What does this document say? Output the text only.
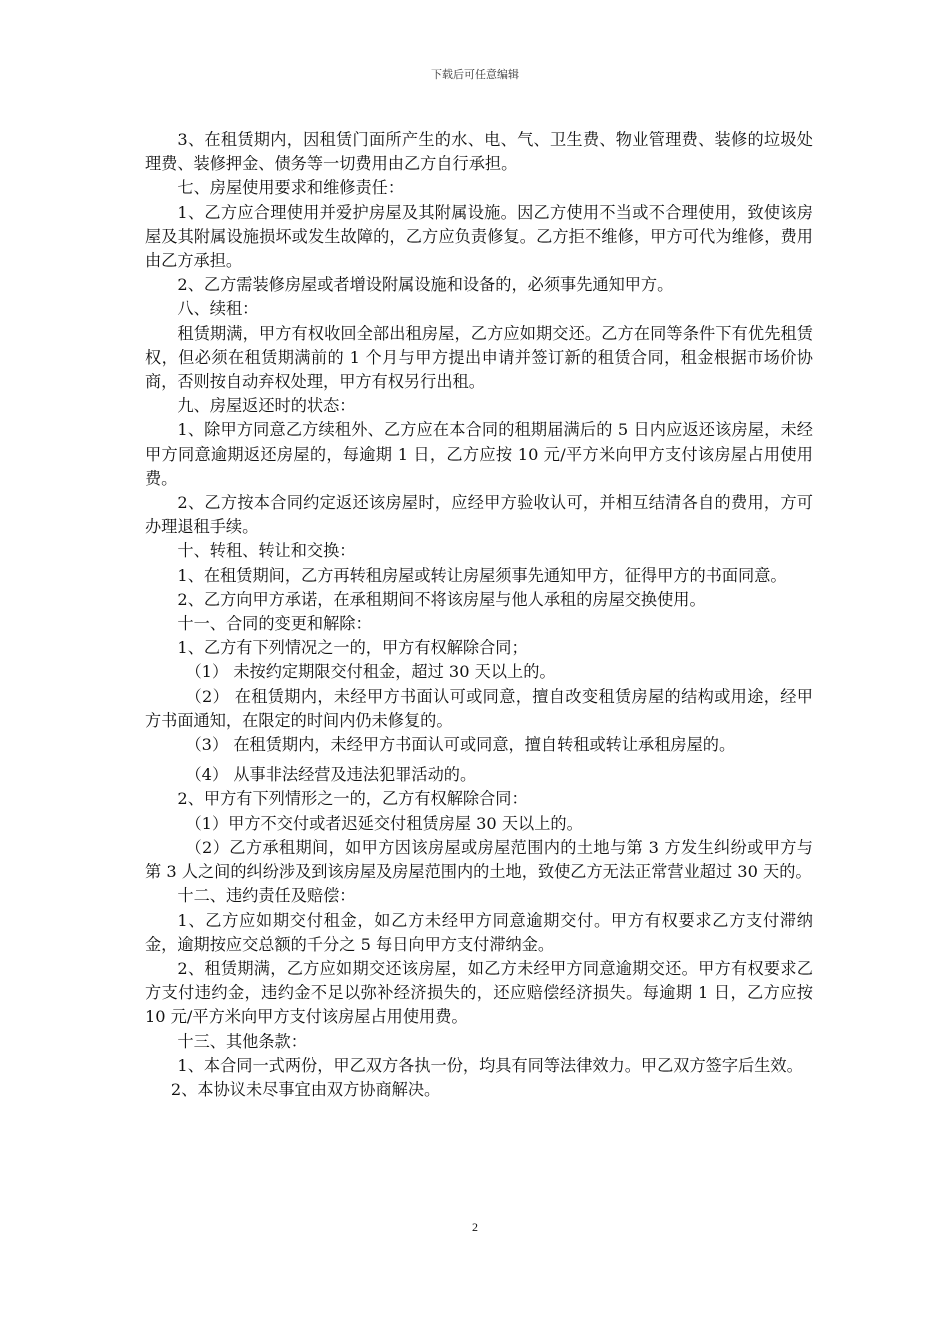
下载后可任意编辑

3、在租赁期内，因租赁门面所产生的水、电、气、卫生费、物业管理费、装修的垃圾处理费、装修押金、债务等一切费用由乙方自行承担。

七、房屋使用要求和维修责任：

1、乙方应合理使用并爱护房屋及其附属设施。因乙方使用不当或不合理使用，致使该房屋及其附属设施损坏或发生故障的，乙方应负责修复。乙方拒不维修，甲方可代为维修，费用由乙方承担。

2、乙方需装修房屋或者增设附属设施和设备的，必须事先通知甲方。

八、续租：

租赁期满，甲方有权收回全部出租房屋，乙方应如期交还。乙方在同等条件下有优先租赁权，但必须在租赁期满前的 1 个月与甲方提出申请并签订新的租赁合同，租金根据市场价协商，否则按自动弃权处理，甲方有权另行出租。

九、房屋返还时的状态：

1、除甲方同意乙方续租外、乙方应在本合同的租期届满后的 5 日内应返还该房屋，未经甲方同意逾期返还房屋的，每逾期 1 日，乙方应按 10 元/平方米向甲方支付该房屋占用使用费。

2、乙方按本合同约定返还该房屋时，应经甲方验收认可，并相互结清各自的费用，方可办理退租手续。

十、转租、转让和交换：

1、在租赁期间，乙方再转租房屋或转让房屋须事先通知甲方，征得甲方的书面同意。

2、乙方向甲方承诺，在承租期间不将该房屋与他人承租的房屋交换使用。

十一、合同的变更和解除：

1、乙方有下列情况之一的，甲方有权解除合同；

（1） 未按约定期限交付租金，超过 30 天以上的。

（2） 在租赁期内，未经甲方书面认可或同意，擅自改变租赁房屋的结构或用途，经甲方书面通知，在限定的时间内仍未修复的。

（3） 在租赁期内，未经甲方书面认可或同意，擅自转租或转让承租房屋的。

（4） 从事非法经营及违法犯罪活动的。

2、甲方有下列情形之一的，乙方有权解除合同：

（1）甲方不交付或者迟延交付租赁房屋 30 天以上的。

（2）乙方承租期间，如甲方因该房屋或房屋范围内的土地与第 3 方发生纠纷或甲方与第 3 人之间的纠纷涉及到该房屋及房屋范围内的土地，致使乙方无法正常营业超过 30 天的。

十二、违约责任及赔偿：

1、乙方应如期交付租金，如乙方未经甲方同意逾期交付。甲方有权要求乙方支付滞纳金，逾期按应交总额的千分之 5 每日向甲方支付滞纳金。

2、租赁期满，乙方应如期交还该房屋，如乙方未经甲方同意逾期交还。甲方有权要求乙方支付违约金，违约金不足以弥补经济损失的，还应赔偿经济损失。每逾期 1 日，乙方应按 10 元/平方米向甲方支付该房屋占用使用费。

十三、其他条款：

1、本合同一式两份，甲乙双方各执一份，均具有同等法律效力。甲乙双方签字后生效。

2、本协议未尽事宜由双方协商解决。

2
